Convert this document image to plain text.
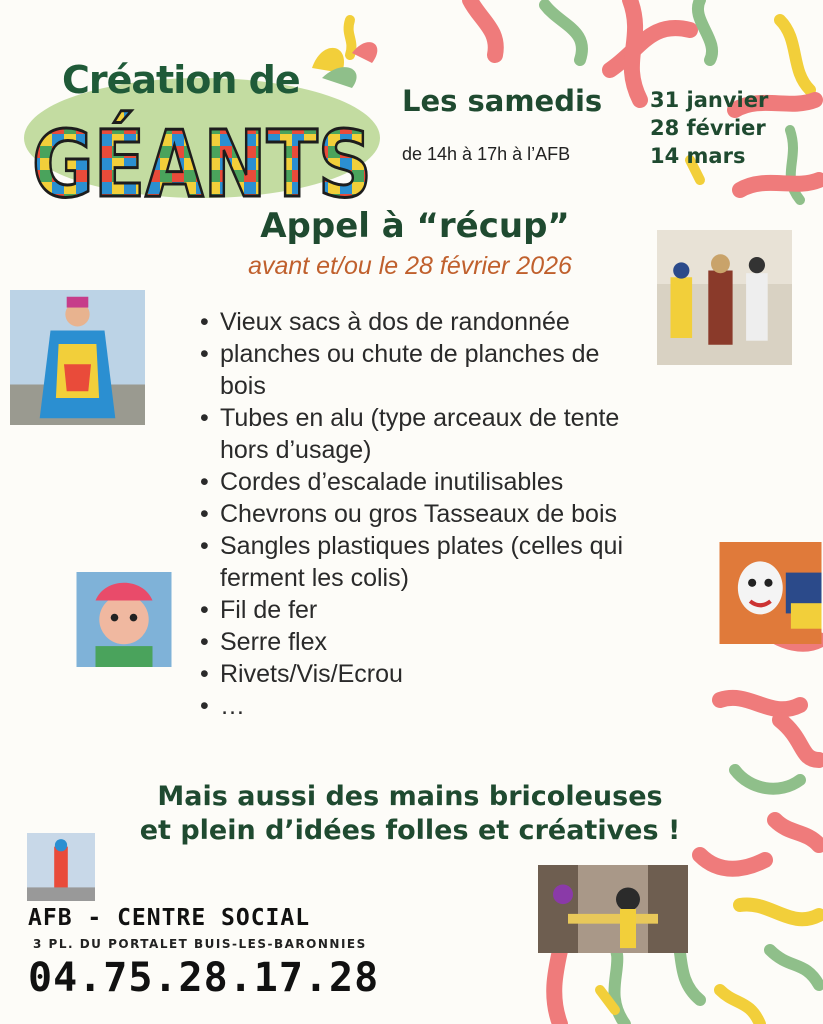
Création de
GÉANTS
Les samedis
de 14h à 17h à l’AFB
31 janvier
28 février
14 mars
Appel à “récup”
avant et/ou le 28 février 2026
• Vieux sacs à dos de randonnée
• planches ou chute de planches de bois
• Tubes en alu (type arceaux de tente hors d’usage)
• Cordes d’escalade inutilisables
• Chevrons ou gros Tasseaux de bois
• Sangles plastiques plates (celles qui ferment les colis)
• Fil de fer
• Serre flex
• Rivets/Vis/Ecrou
• …
Mais aussi des mains bricoleuses
et plein d’idées folles et créatives !
AFB - CENTRE SOCIAL
3 PL. DU PORTALET BUIS-LES-BARONNIES
04.75.28.17.28
